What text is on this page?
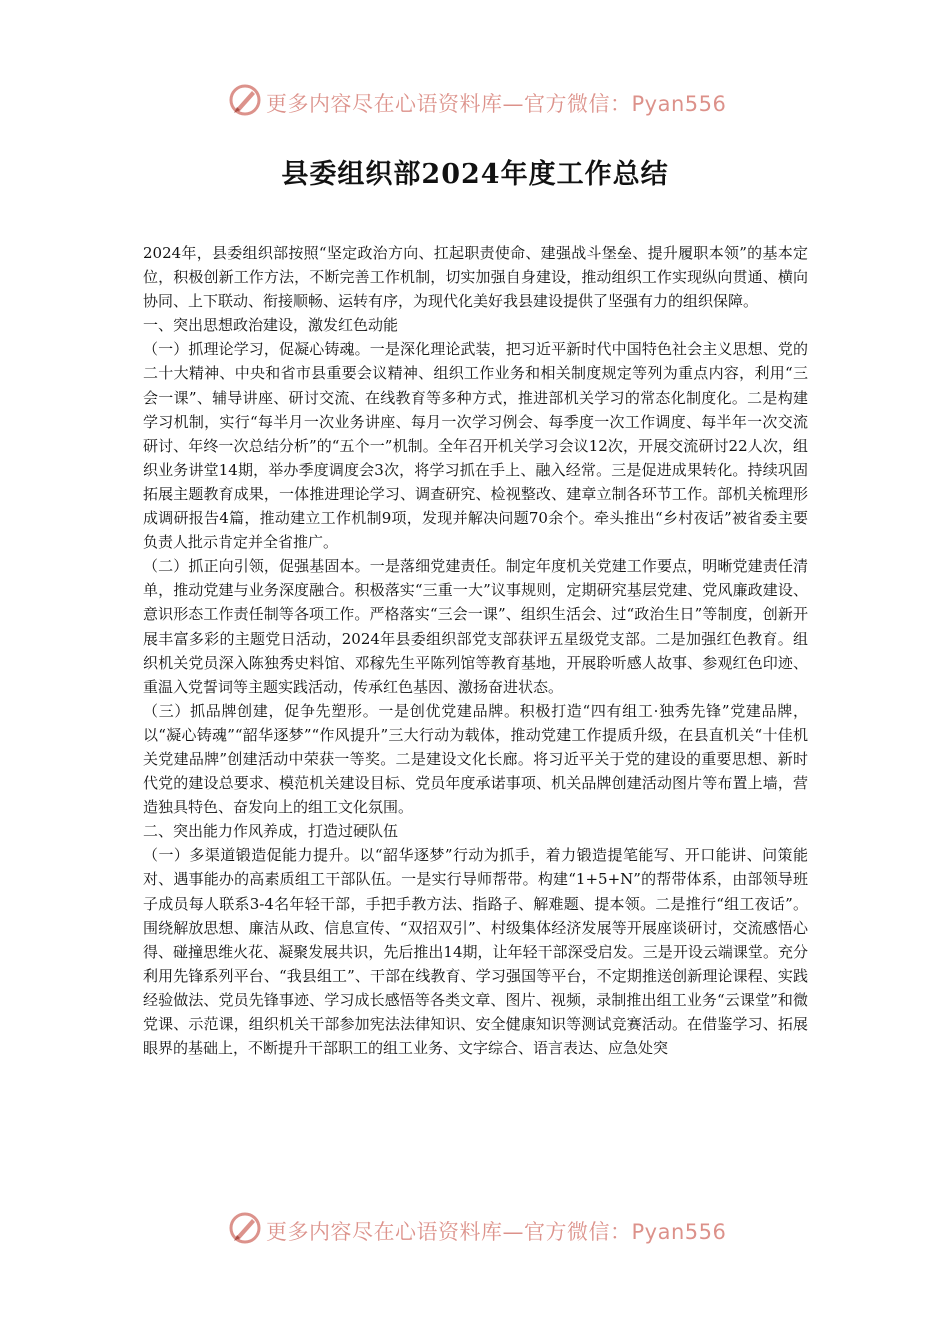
更多内容尽在心语资料库—官方微信：Pyan556
县委组织部2024年度工作总结

2024年，县委组织部按照“坚定政治方向、扛起职责使命、建强战斗堡垒、提升履职本领”的基本定位，积极创新工作方法，不断完善工作机制，切实加强自身建设，推动组织工作实现纵向贯通、横向协同、上下联动、衔接顺畅、运转有序，为现代化美好我县建设提供了坚强有力的组织保障。

一、突出思想政治建设，激发红色动能

（一）抓理论学习，促凝心铸魂。一是深化理论武装，把习近平新时代中国特色社会主义思想、党的二十大精神、中央和省市县重要会议精神、组织工作业务和相关制度规定等列为重点内容，利用“三会一课”、辅导讲座、研讨交流、在线教育等多种方式，推进部机关学习的常态化制度化。二是构建学习机制，实行“每半月一次业务讲座、每月一次学习例会、每季度一次工作调度、每半年一次交流研讨、年终一次总结分析”的“五个一”机制。全年召开机关学习会议12次，开展交流研讨22人次，组织业务讲堂14期，举办季度调度会3次，将学习抓在手上、融入经常。三是促进成果转化。持续巩固拓展主题教育成果，一体推进理论学习、调查研究、检视整改、建章立制各环节工作。部机关梳理形成调研报告4篇，推动建立工作机制9项，发现并解决问题70余个。牵头推出“乡村夜话”被省委主要负责人批示肯定并全省推广。

（二）抓正向引领，促强基固本。一是落细党建责任。制定年度机关党建工作要点，明晰党建责任清单，推动党建与业务深度融合。积极落实“三重一大”议事规则，定期研究基层党建、党风廉政建设、意识形态工作责任制等各项工作。严格落实“三会一课”、组织生活会、过“政治生日”等制度，创新开展丰富多彩的主题党日活动，2024年县委组织部党支部获评五星级党支部。二是加强红色教育。组织机关党员深入陈独秀史料馆、邓稼先生平陈列馆等教育基地，开展聆听感人故事、参观红色印迹、重温入党誓词等主题实践活动，传承红色基因、激扬奋进状态。

（三）抓品牌创建，促争先塑形。一是创优党建品牌。积极打造“四有组工·独秀先锋”党建品牌，以“凝心铸魂”“韶华逐梦”“作风提升”三大行动为载体，推动党建工作提质升级，在县直机关“十佳机关党建品牌”创建活动中荣获一等奖。二是建设文化长廊。将习近平关于党的建设的重要思想、新时代党的建设总要求、模范机关建设目标、党员年度承诺事项、机关品牌创建活动图片等布置上墙，营造独具特色、奋发向上的组工文化氛围。

二、突出能力作风养成，打造过硬队伍

（一）多渠道锻造促能力提升。以“韶华逐梦”行动为抓手，着力锻造提笔能写、开口能讲、问策能对、遇事能办的高素质组工干部队伍。一是实行导师帮带。构建“1+5+N”的帮带体系，由部领导班子成员每人联系3-4名年轻干部，手把手教方法、指路子、解难题、提本领。二是推行“组工夜话”。围绕解放思想、廉洁从政、信息宣传、“双招双引”、村级集体经济发展等开展座谈研讨，交流感悟心得、碰撞思维火花、凝聚发展共识，先后推出14期，让年轻干部深受启发。三是开设云端课堂。充分利用先锋系列平台、“我县组工”、干部在线教育、学习强国等平台，不定期推送创新理论课程、实践经验做法、党员先锋事迹、学习成长感悟等各类文章、图片、视频，录制推出组工业务“云课堂”和微党课、示范课，组织机关干部参加宪法法律知识、安全健康知识等测试竞赛活动。在借鉴学习、拓展眼界的基础上，不断提升干部职工的组工业务、文字综合、语言表达、应急处突

更多内容尽在心语资料库—官方微信：Pyan556
